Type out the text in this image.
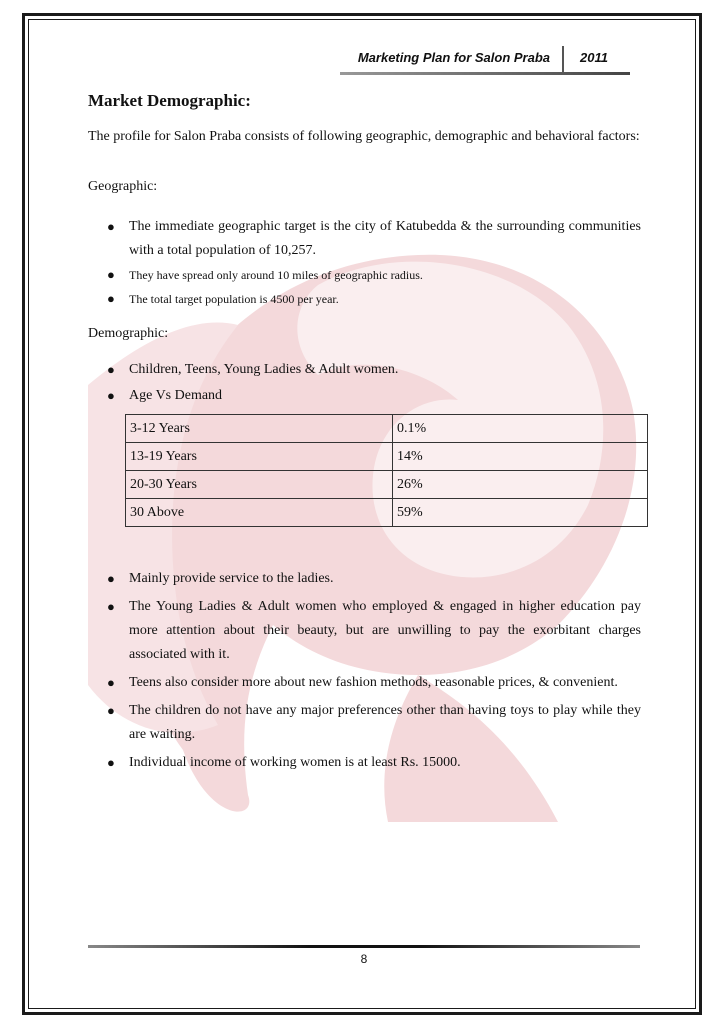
Marketing Plan for Salon Praba 2011
Market Demographic:

The profile for Salon Praba consists of following geographic, demographic and behavioral factors:

Geographic:

● The immediate geographic target is the city of Katubedda & the surrounding communities with a total population of 10,257.
● They have spread only around 10 miles of geographic radius.
● The total target population is 4500 per year.

Demographic:

● Children, Teens, Young Ladies & Adult women.
● Age Vs Demand
3-12 Years	0.1%
13-19 Years	14%
20-30 Years	26%
30 Above	59%
● Mainly provide service to the ladies.
● The Young Ladies & Adult women who employed & engaged in higher education pay more attention about their beauty, but are unwilling to pay the exorbitant charges associated with it.
● Teens also consider more about new fashion methods, reasonable prices, & convenient.
● The children do not have any major preferences other than having toys to play while they are waiting.
● Individual income of working women is at least Rs. 15000.
8
